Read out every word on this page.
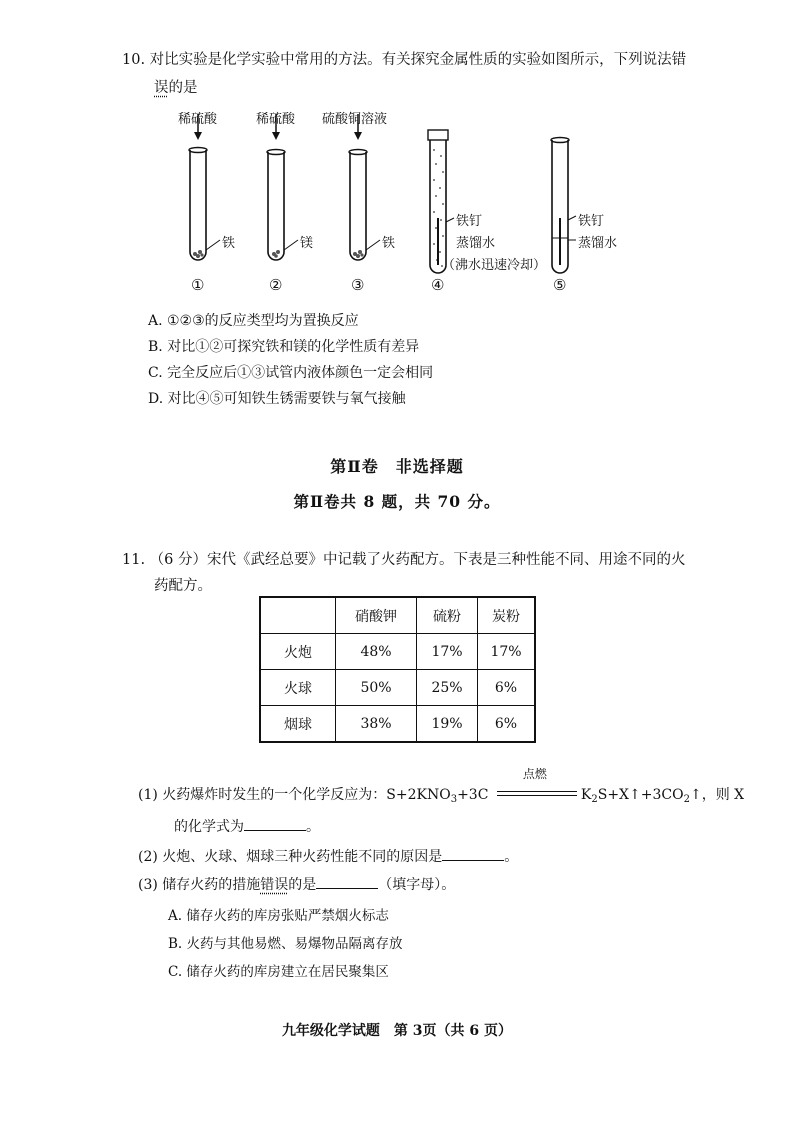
10. 对比实验是化学实验中常用的方法。有关探究金属性质的实验如图所示，下列说法错
误的是
稀硫酸	稀硫酸 硫酸铜溶液
铁	镁	铁
铁钉
蒸馏水
（沸水迅速冷却）
铁钉
蒸馏水
①	②	③	④	⑤
A. ①②③的反应类型均为置换反应
B. 对比①②可探究铁和镁的化学性质有差异
C. 完全反应后①③试管内液体颜色一定会相同
D. 对比④⑤可知铁生锈需要铁与氧气接触
第Ⅱ卷　非选择题
第Ⅱ卷共 8 题，共 70 分。
11. （6 分）宋代《武经总要》中记载了火药配方。下表是三种性能不同、用途不同的火
药配方。
	硝酸钾	硫粉	炭粉
火炮	48%	17%	17%
火球	50%	25%	6%
烟球	38%	19%	6%
(1) 火药爆炸时发生的一个化学反应为：$S+2KNO_3+3C$
点燃
$K_2S+X↑+3CO_2↑$，则 X
的化学式为	。
(2) 火炮、火球、烟球三种火药性能不同的原因是	。
(3) 储存火药的措施错误的是	（填字母）。
A. 储存火药的库房张贴严禁烟火标志
B. 火药与其他易燃、易爆物品隔离存放
C. 储存火药的库房建立在居民聚集区
九年级化学试题　第 3页（共 6 页）
